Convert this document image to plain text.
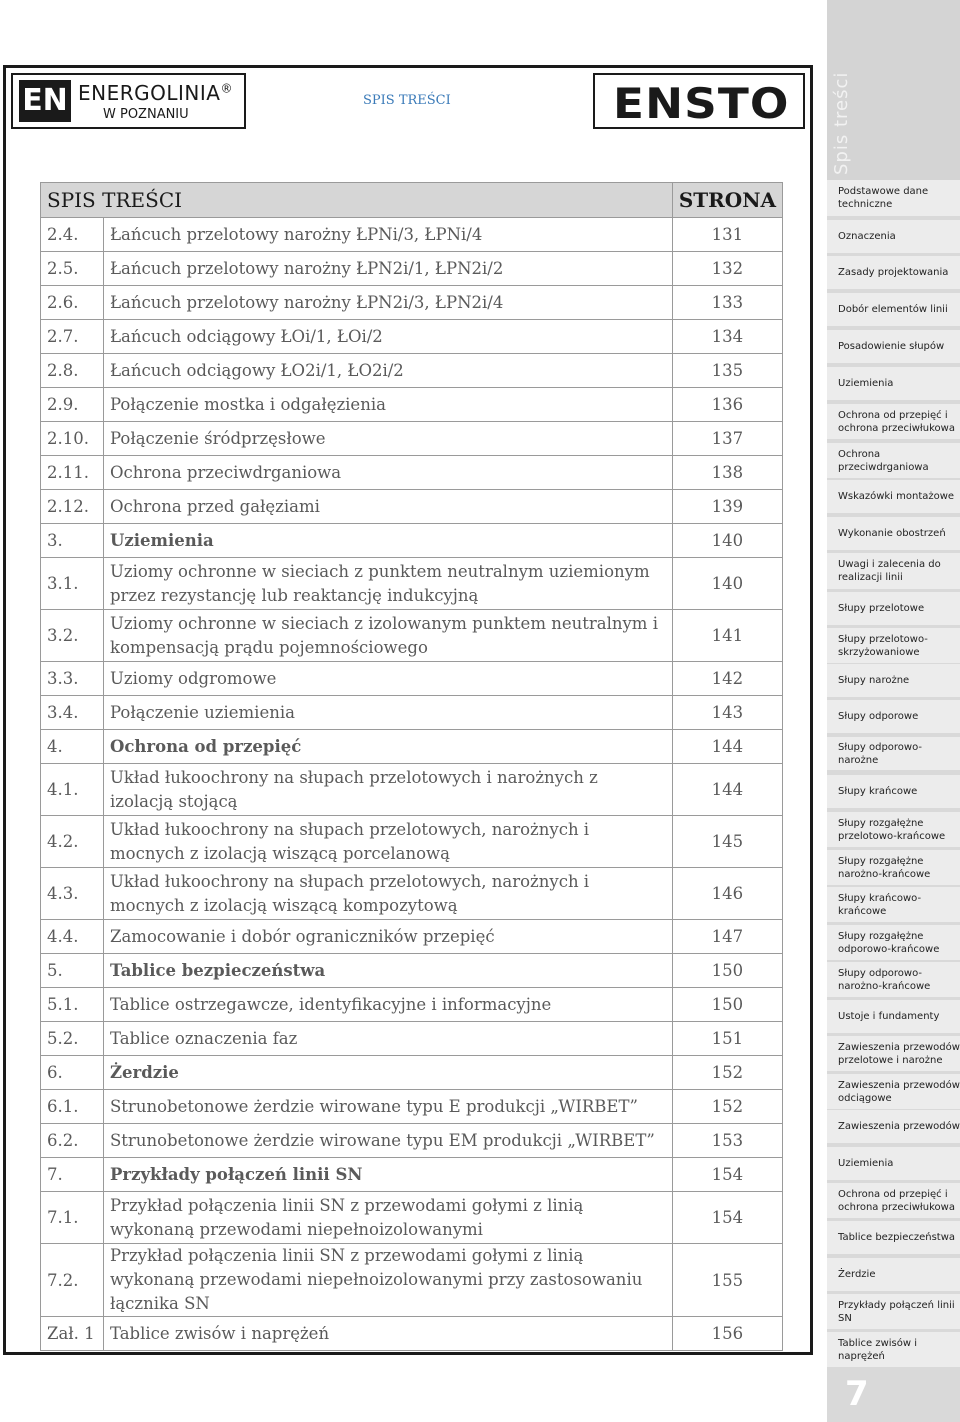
EN ENERGOLINIA®
W POZNANIU
SPIS TREŚCI	ENSTO
SPIS TREŚCI		STRONA
2.4.	Łańcuch przelotowy narożny ŁPNi/3, ŁPNi/4	131
2.5.	Łańcuch przelotowy narożny ŁPN2i/1, ŁPN2i/2	132
2.6.	Łańcuch przelotowy narożny ŁPN2i/3, ŁPN2i/4	133
2.7.	Łańcuch odciągowy ŁOi/1, ŁOi/2	134
2.8.	Łańcuch odciągowy ŁO2i/1, ŁO2i/2	135
2.9.	Połączenie mostka i odgałęzienia	136
2.10.	Połączenie śródprzęsłowe	137
2.11.	Ochrona przeciwdrganiowa	138
2.12.	Ochrona przed gałęziami	139
3.	Uziemienia	140
3.1.	Uziomy ochronne w sieciach z punktem neutralnym uziemionym przez rezystancję lub reaktancję indukcyjną	140
3.2.	Uziomy ochronne w sieciach z izolowanym punktem neutralnym i kompensacją prądu pojemnościowego	141
3.3.	Uziomy odgromowe	142
3.4.	Połączenie uziemienia	143
4.	Ochrona od przepięć	144
4.1.	Układ łukoochrony na słupach przelotowych i narożnych z izolacją stojącą	144
4.2.	Układ łukoochrony na słupach przelotowych, narożnych i mocnych z izolacją wiszącą porcelanową	145
4.3.	Układ łukoochrony na słupach przelotowych, narożnych i mocnych z izolacją wiszącą kompozytową	146
4.4.	Zamocowanie i dobór ograniczników przepięć	147
5.	Tablice bezpieczeństwa	150
5.1.	Tablice ostrzegawcze, identyfikacyjne i informacyjne	150
5.2.	Tablice oznaczenia faz	151
6.	Żerdzie	152
6.1.	Strunobetonowe żerdzie wirowane typu E produkcji „WIRBET”	152
6.2.	Strunobetonowe żerdzie wirowane typu EM produkcji „WIRBET”	153
7.	Przykłady połączeń linii SN	154
7.1.	Przykład połączenia linii SN z przewodami gołymi z linią wykonaną przewodami niepełnoizolowanymi	154
7.2.	Przykład połączenia linii SN z przewodami gołymi z linią wykonaną przewodami niepełnoizolowanymi przy zastosowaniu łącznika SN	155
Zał. 1	Tablice zwisów i naprężeń	156
Spis treści
Podstawowe dane techniczne
Oznaczenia
Zasady projektowania
Dobór elementów linii
Posadowienie słupów
Uziemienia
Ochrona od przepięć i ochrona przeciwłukowa
Ochrona przeciwdrganiowa
Wskazówki montażowe
Wykonanie obostrzeń
Uwagi i zalecenia do realizacji linii
Słupy przelotowe
Słupy przelotowo-skrzyżowaniowe
Słupy narożne
Słupy odporowe
Słupy odporowo-narożne
Słupy krańcowe
Słupy rozgałężne przelotowo-krańcowe
Słupy rozgałężne narożno-krańcowe
Słupy krańcowo-krańcowe
Słupy rozgałężne odporowo-krańcowe
Słupy odporowo-narożno-krańcowe
Ustoje i fundamenty
Zawieszenia przewodów przelotowe i narożne
Zawieszenia przewodów odciągowe
Zawieszenia przewodów
Uziemienia
Ochrona od przepięć i ochrona przeciwłukowa
Tablice bezpieczeństwa
Żerdzie
Przykłady połączeń linii SN
Tablice zwisów i naprężeń
7
